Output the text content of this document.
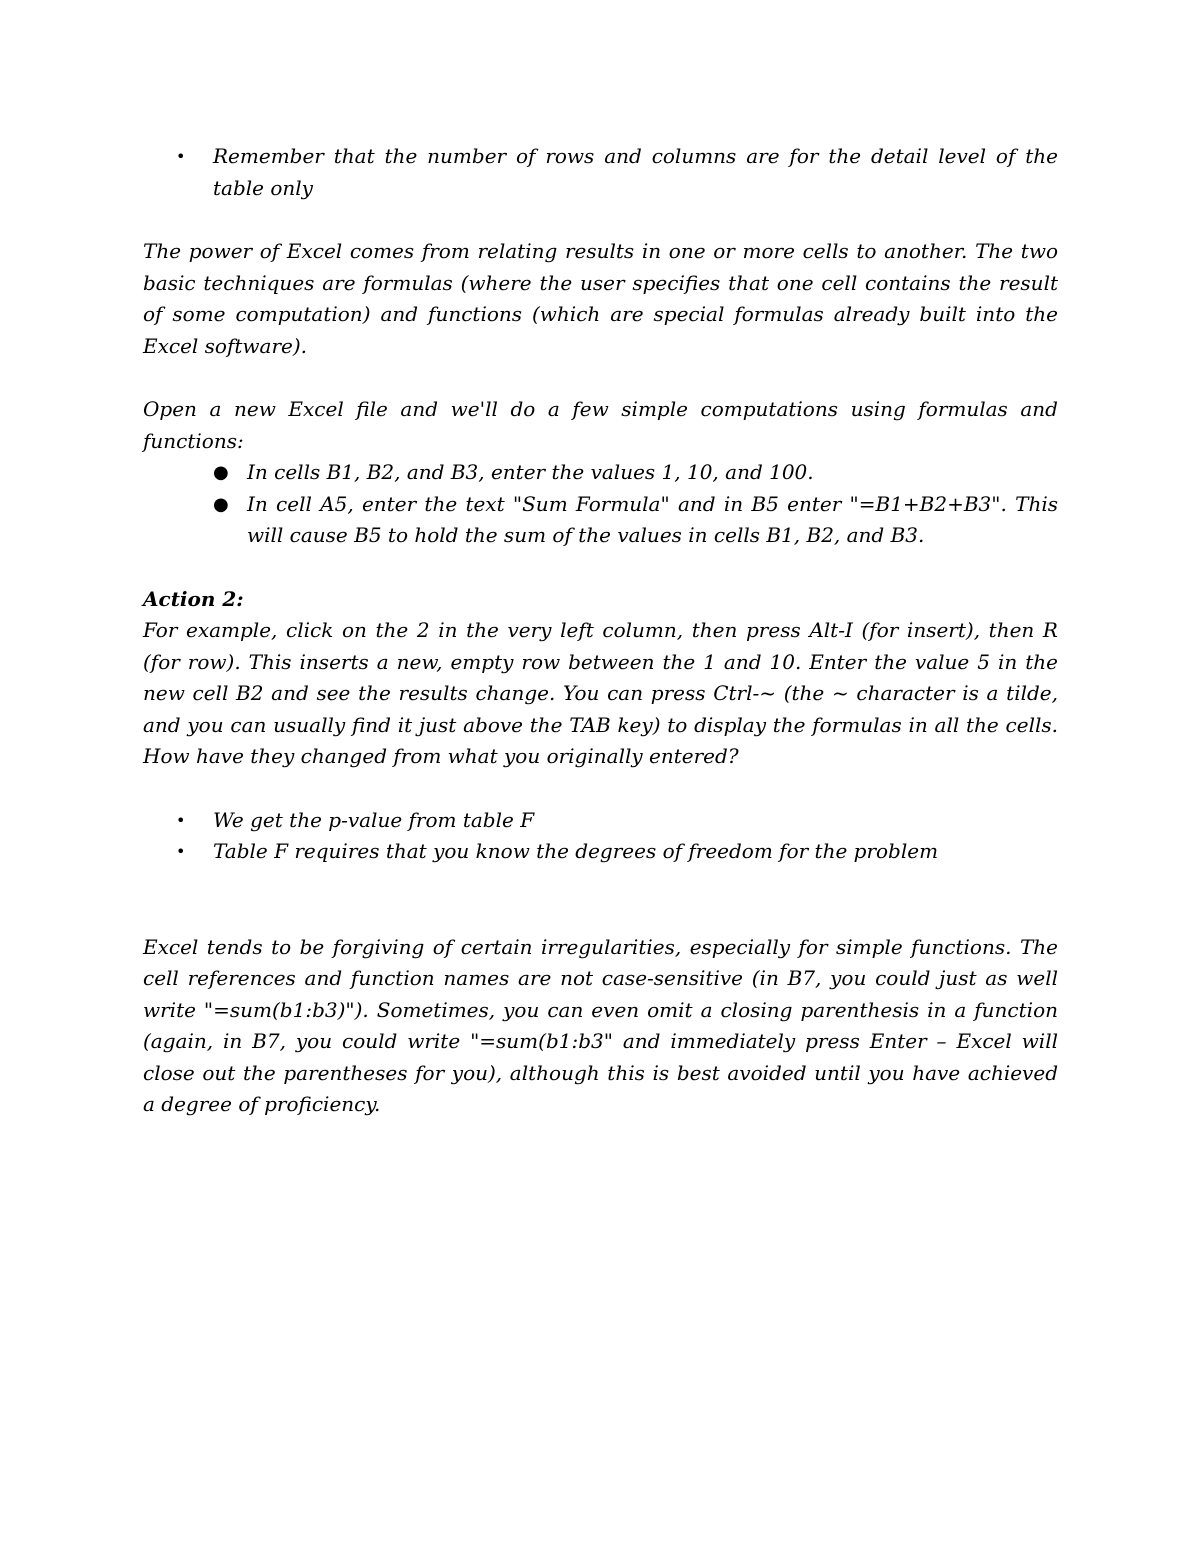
• Remember that the number of rows and columns are for the detail level of the table only

The power of Excel comes from relating results in one or more cells to another. The two basic techniques are formulas (where the user specifies that one cell contains the result of some computation) and functions (which are special formulas already built into the Excel software).

Open a new Excel file and we'll do a few simple computations using formulas and functions:

● In cells B1, B2, and B3, enter the values 1, 10, and 100.
● In cell A5, enter the text "Sum Formula" and in B5 enter "=B1+B2+B3". This will cause B5 to hold the sum of the values in cells B1, B2, and B3.

Action 2:

For example, click on the 2 in the very left column, then press Alt-I (for insert), then R (for row). This inserts a new, empty row between the 1 and 10. Enter the value 5 in the new cell B2 and see the results change. You can press Ctrl-~ (the ~ character is a tilde, and you can usually find it just above the TAB key) to display the formulas in all the cells. How have they changed from what you originally entered?

• We get the p-value from table F
• Table F requires that you know the degrees of freedom for the problem

Excel tends to be forgiving of certain irregularities, especially for simple functions. The cell references and function names are not case-sensitive (in B7, you could just as well write "=sum(b1:b3)"). Sometimes, you can even omit a closing parenthesis in a function (again, in B7, you could write "=sum(b1:b3" and immediately press Enter – Excel will close out the parentheses for you), although this is best avoided until you have achieved a degree of proficiency.
